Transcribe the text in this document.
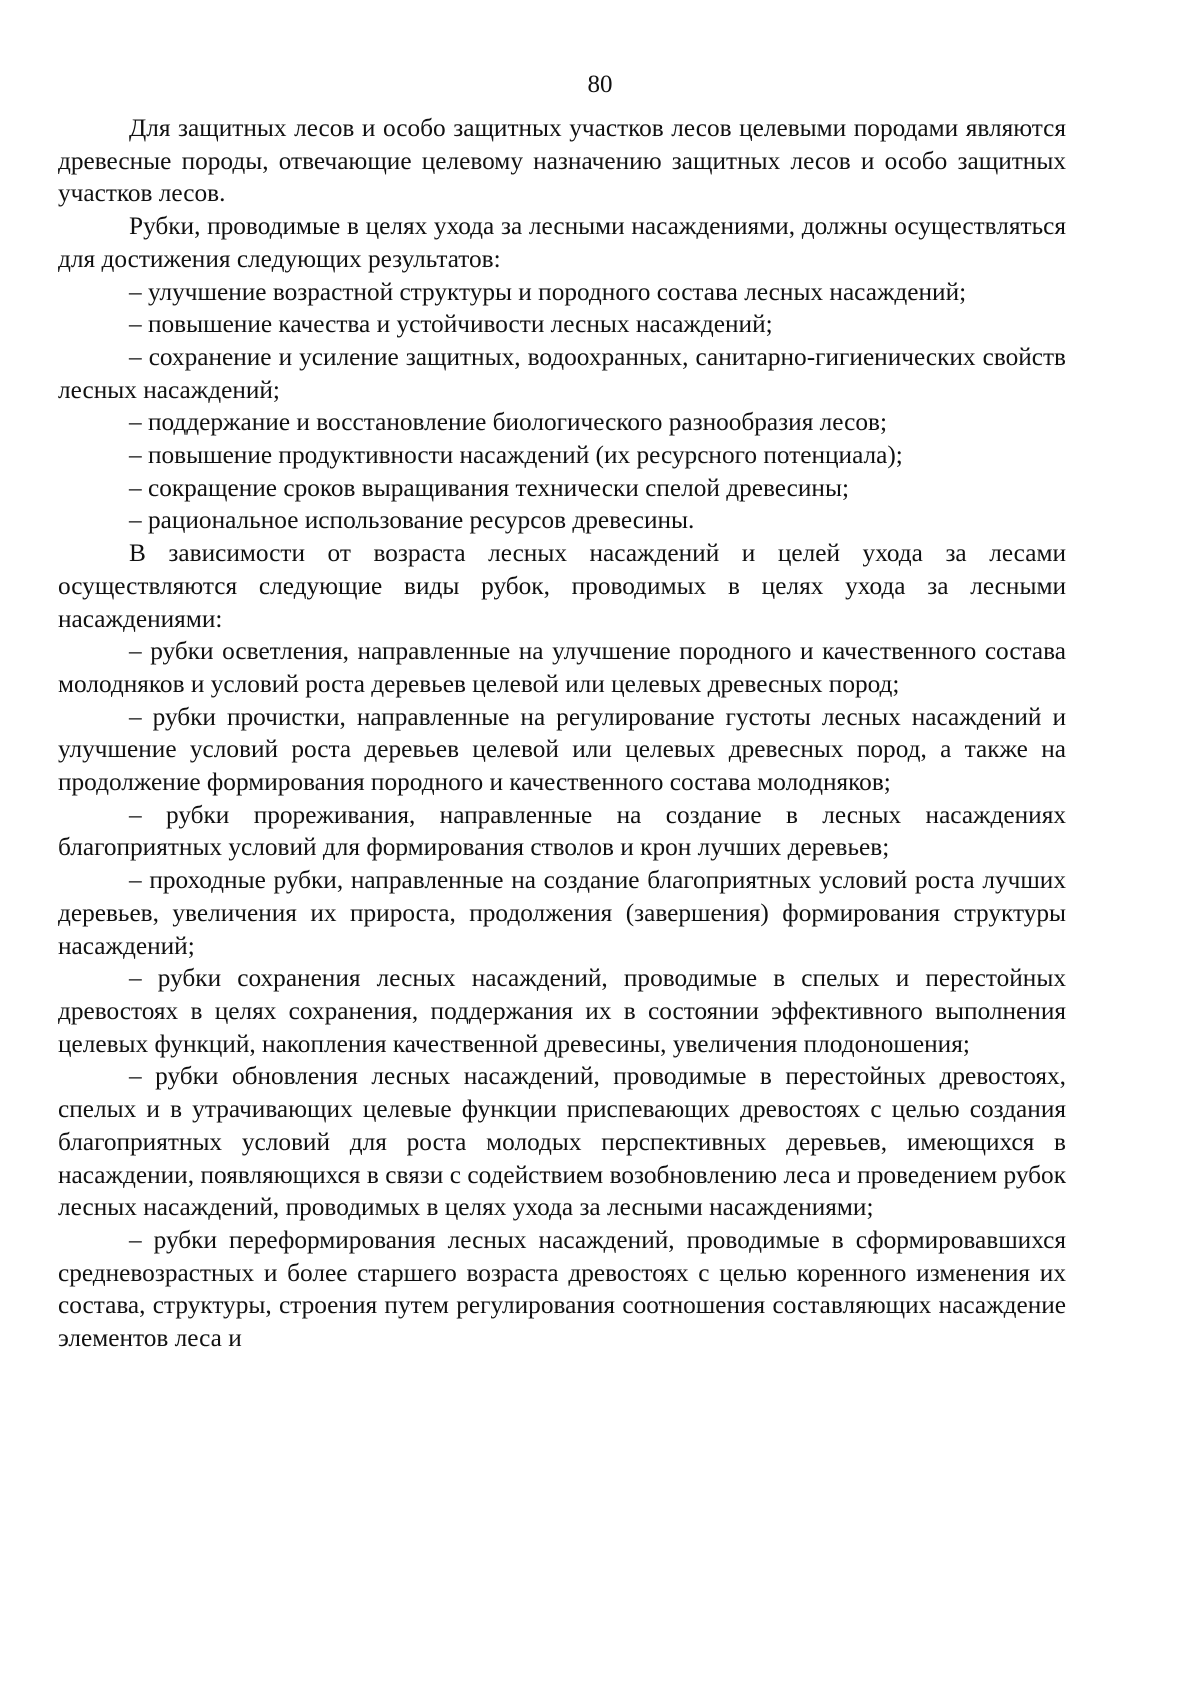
80

Для защитных лесов и особо защитных участков лесов целевыми породами являются древесные породы, отвечающие целевому назначению защитных лесов и особо защитных участков лесов.

Рубки, проводимые в целях ухода за лесными насаждениями, должны осуществляться для достижения следующих результатов:

– улучшение возрастной структуры и породного состава лесных насаждений;

– повышение качества и устойчивости лесных насаждений;

– сохранение и усиление защитных, водоохранных, санитарно-гигиенических свойств лесных насаждений;

– поддержание и восстановление биологического разнообразия лесов;

– повышение продуктивности насаждений (их ресурсного потенциала);

– сокращение сроков выращивания технически спелой древесины;

– рациональное использование ресурсов древесины.

В зависимости от возраста лесных насаждений и целей ухода за лесами осуществляются следующие виды рубок, проводимых в целях ухода за лесными насаждениями:

– рубки осветления, направленные на улучшение породного и качественного состава молодняков и условий роста деревьев целевой или целевых древесных пород;

– рубки прочистки, направленные на регулирование густоты лесных насаждений и улучшение условий роста деревьев целевой или целевых древесных пород, а также на продолжение формирования породного и качественного состава молодняков;

– рубки прореживания, направленные на создание в лесных насаждениях благоприятных условий для формирования стволов и крон лучших деревьев;

– проходные рубки, направленные на создание благоприятных условий роста лучших деревьев, увеличения их прироста, продолжения (завершения) формирования структуры насаждений;

– рубки сохранения лесных насаждений, проводимые в спелых и перестойных древостоях в целях сохранения, поддержания их в состоянии эффективного выполнения целевых функций, накопления качественной древесины, увеличения плодоношения;

– рубки обновления лесных насаждений, проводимые в перестойных древостоях, спелых и в утрачивающих целевые функции приспевающих древостоях с целью создания благоприятных условий для роста молодых перспективных деревьев, имеющихся в насаждении, появляющихся в связи с содействием возобновлению леса и проведением рубок лесных насаждений, проводимых в целях ухода за лесными насаждениями;

– рубки переформирования лесных насаждений, проводимые в сформировавшихся средневозрастных и более старшего возраста древостоях с целью коренного изменения их состава, структуры, строения путем регулирования соотношения составляющих насаждение элементов леса и
